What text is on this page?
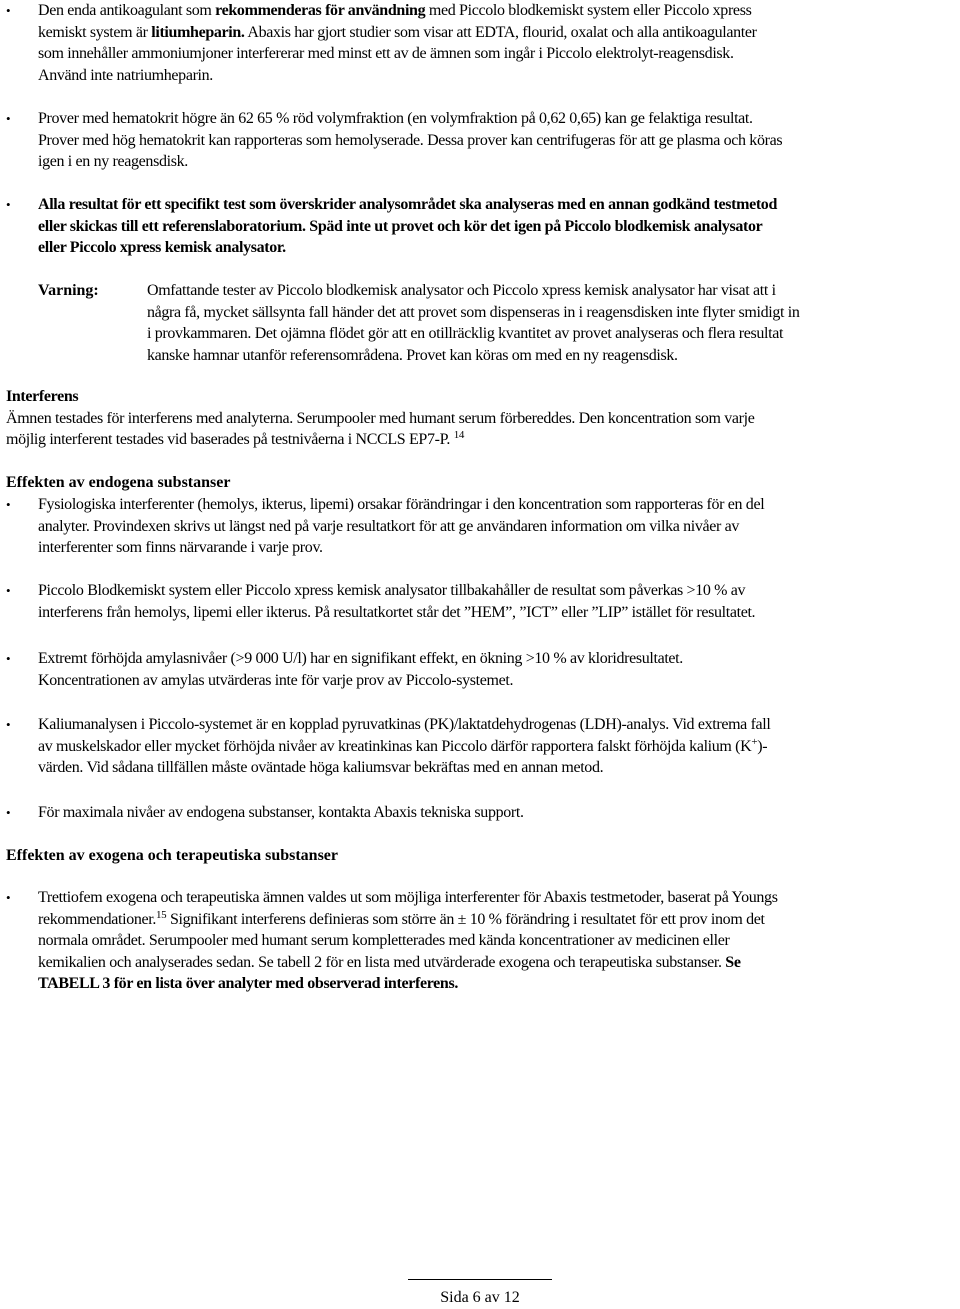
• Den enda antikoagulant som rekommenderas för användning med Piccolo blodkemiskt system eller Piccolo xpress
kemiskt system är litiumheparin. Abaxis har gjort studier som visar att EDTA, flourid, oxalat och alla antikoagulanter
som innehåller ammoniumjoner interfererar med minst ett av de ämnen som ingår i Piccolo elektrolyt-reagensdisk.
Använd inte natriumheparin.
• Prover med hematokrit högre än 62 65 % röd volymfraktion (en volymfraktion på 0,62 0,65) kan ge felaktiga resultat.
Prover med hög hematokrit kan rapporteras som hemolyserade. Dessa prover kan centrifugeras för att ge plasma och köras
igen i en ny reagensdisk.
• Alla resultat för ett specifikt test som överskrider analysområdet ska analyseras med en annan godkänd testmetod
eller skickas till ett referenslaboratorium. Späd inte ut provet och kör det igen på Piccolo blodkemisk analysator
eller Piccolo xpress kemisk analysator.
Varning:	Omfattande tester av Piccolo blodkemisk analysator och Piccolo xpress kemisk analysator har visat att i
några få, mycket sällsynta fall händer det att provet som dispenseras in i reagensdisken inte flyter smidigt in
i provkammaren. Det ojämna flödet gör att en otillräcklig kvantitet av provet analyseras och flera resultat
kanske hamnar utanför referensområdena. Provet kan köras om med en ny reagensdisk.
Interferens
Ämnen testades för interferens med analyterna. Serumpooler med humant serum förbereddes. Den koncentration som varje
möjlig interferent testades vid baserades på testnivåerna i NCCLS EP7-P. $^{14}$
Effekten av endogena substanser
• Fysiologiska interferenter (hemolys, ikterus, lipemi) orsakar förändringar i den koncentration som rapporteras för en del
analyter. Provindexen skrivs ut längst ned på varje resultatkort för att ge användaren information om vilka nivåer av
interferenter som finns närvarande i varje prov.
• Piccolo Blodkemiskt system eller Piccolo xpress kemisk analysator tillbakahåller de resultat som påverkas >10 % av
interferens från hemolys, lipemi eller ikterus. På resultatkortet står det ”HEM”, ”ICT” eller ”LIP” istället för resultatet.
• Extremt förhöjda amylasnivåer (>9 000 U/l) har en signifikant effekt, en ökning >10 % av kloridresultatet.
Koncentrationen av amylas utvärderas inte för varje prov av Piccolo-systemet.
• Kaliumanalysen i Piccolo-systemet är en kopplad pyruvatkinas (PK)/laktatdehydrogenas (LDH)-analys. Vid extrema fall
av muskelskador eller mycket förhöjda nivåer av kreatinkinas kan Piccolo därför rapportera falskt förhöjda kalium (K+)-
värden. Vid sådana tillfällen måste oväntade höga kaliumsvar bekräftas med en annan metod.
• För maximala nivåer av endogena substanser, kontakta Abaxis tekniska support.
Effekten av exogena och terapeutiska substanser
• Trettiofem exogena och terapeutiska ämnen valdes ut som möjliga interferenter för Abaxis testmetoder, baserat på Youngs
rekommendationer.$^{15}$ Signifikant interferens definieras som större än ± 10 % förändring i resultatet för ett prov inom det
normala området. Serumpooler med humant serum kompletterades med kända koncentrationer av medicinen eller
kemikalien och analyserades sedan. Se tabell 2 för en lista med utvärderade exogena och terapeutiska substanser. Se
TABELL 3 för en lista över analyter med observerad interferens.
Sida 6 av 12
